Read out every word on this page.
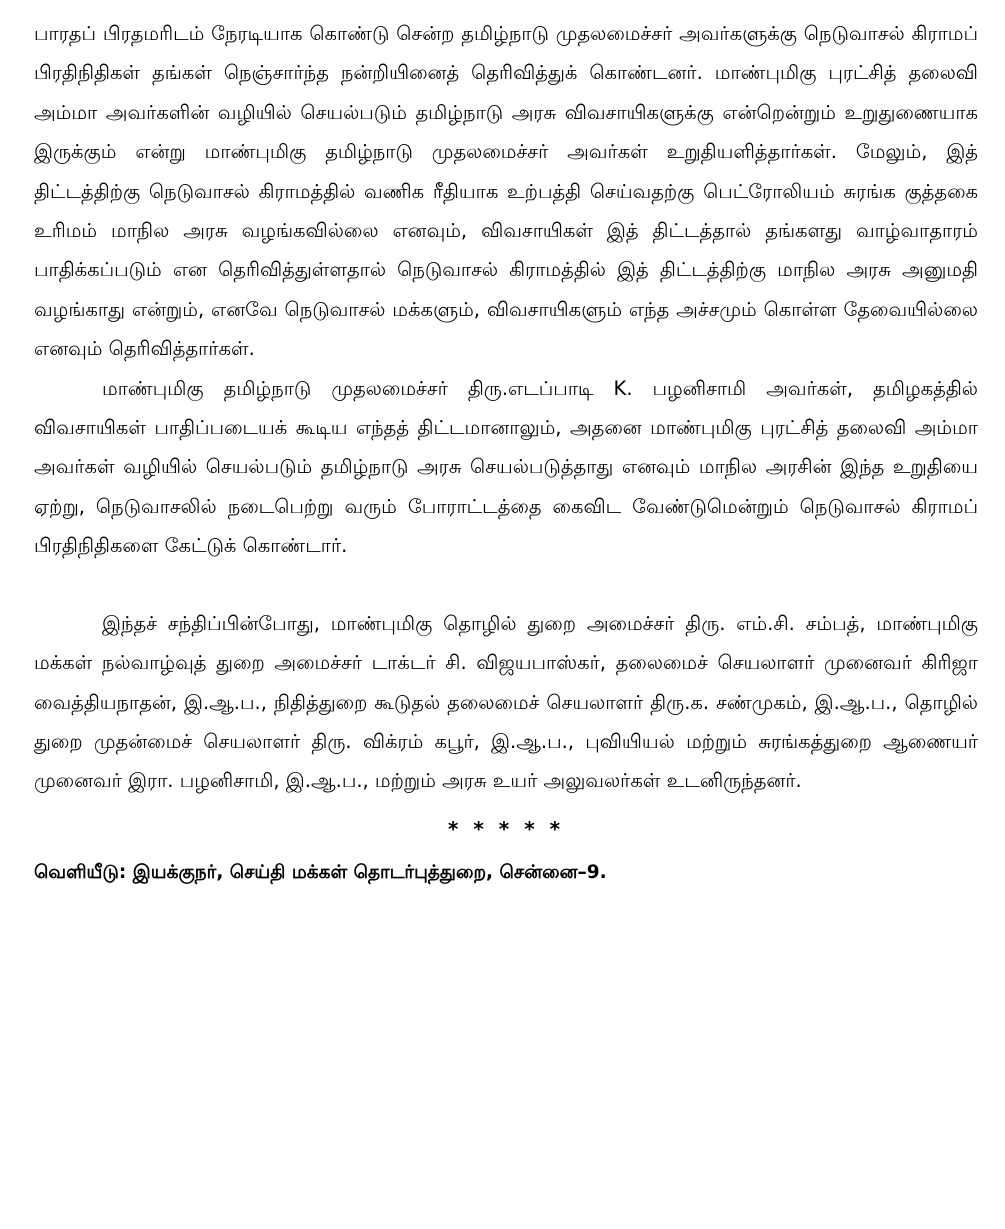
பாரதப் பிரதமரிடம் நேரடியாக கொண்டு சென்ற தமிழ்நாடு முதலமைச்சர் அவர்களுக்கு நெடுவாசல் கிராமப் பிரதிநிதிகள் தங்கள் நெஞ்சார்ந்த நன்றியினைத் தெரிவித்துக் கொண்டனர். மாண்புமிகு புரட்சித் தலைவி அம்மா அவர்களின் வழியில் செயல்படும் தமிழ்நாடு அரசு விவசாயிகளுக்கு என்றென்றும் உறுதுணையாக இருக்கும் என்று மாண்புமிகு தமிழ்நாடு முதலமைச்சர் அவர்கள் உறுதியளித்தார்கள். மேலும், இத் திட்டத்திற்கு நெடுவாசல் கிராமத்தில் வணிக ரீதியாக உற்பத்தி செய்வதற்கு பெட்ரோலியம் சுரங்க குத்தகை உரிமம் மாநில அரசு வழங்கவில்லை எனவும், விவசாயிகள் இத் திட்டத்தால் தங்களது வாழ்வாதாரம் பாதிக்கப்படும் என தெரிவித்துள்ளதால் நெடுவாசல் கிராமத்தில் இத் திட்டத்திற்கு மாநில அரசு அனுமதி வழங்காது என்றும், எனவே நெடுவாசல் மக்களும், விவசாயிகளும் எந்த அச்சமும் கொள்ள தேவையில்லை எனவும் தெரிவித்தார்கள்.

மாண்புமிகு தமிழ்நாடு முதலமைச்சர் திரு.எடப்பாடி K. பழனிசாமி அவர்கள், தமிழகத்தில் விவசாயிகள் பாதிப்படையக் கூடிய எந்தத் திட்டமானாலும், அதனை மாண்புமிகு புரட்சித் தலைவி அம்மா அவர்கள் வழியில் செயல்படும் தமிழ்நாடு அரசு செயல்படுத்தாது எனவும் மாநில அரசின் இந்த உறுதியை ஏற்று, நெடுவாசலில் நடைபெற்று வரும் போராட்டத்தை கைவிட வேண்டுமென்றும் நெடுவாசல் கிராமப் பிரதிநிதிகளை கேட்டுக் கொண்டார்.

இந்தச் சந்திப்பின்போது, மாண்புமிகு தொழில் துறை அமைச்சர் திரு. எம்.சி. சம்பத், மாண்புமிகு மக்கள் நல்வாழ்வுத் துறை அமைச்சர் டாக்டர் சி. விஜயபாஸ்கர், தலைமைச் செயலாளர் முனைவர் கிரிஜா வைத்தியநாதன், இ.ஆ.ப., நிதித்துறை கூடுதல் தலைமைச் செயலாளர் திரு.க. சண்முகம், இ.ஆ.ப., தொழில் துறை முதன்மைச் செயலாளர் திரு. விக்ரம் கபூர், இ.ஆ.ப., புவியியல் மற்றும் சுரங்கத்துறை ஆணையர் முனைவர் இரா. பழனிசாமி, இ.ஆ.ப., மற்றும் அரசு உயர் அலுவலர்கள் உடனிருந்தனர்.

* * * * *
வெளியீடு: இயக்குநர், செய்தி மக்கள் தொடர்புத்துறை, சென்னை–9.
